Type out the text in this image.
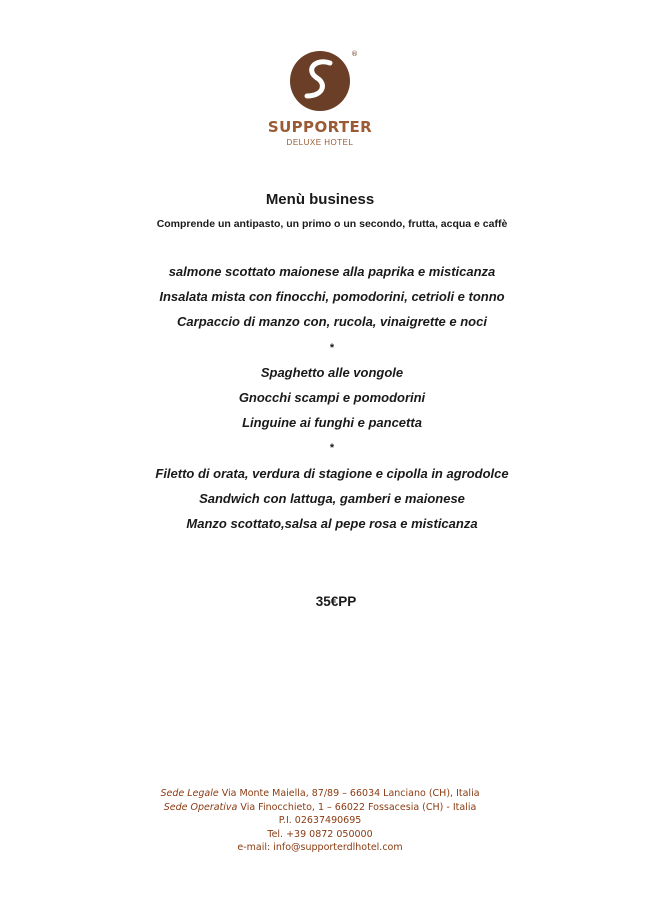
®
SUPPORTER
DELUXE HOTEL
Menù business
Comprende un antipasto, un primo o un secondo, frutta, acqua e caffè
salmone scottato maionese alla paprika e misticanza
Insalata mista con finocchi, pomodorini, cetrioli e tonno
Carpaccio di manzo con, rucola, vinaigrette e noci
*
Spaghetto alle vongole
Gnocchi scampi e pomodorini
Linguine ai funghi e pancetta
*
Filetto di orata, verdura di stagione e cipolla in agrodolce
Sandwich con lattuga, gamberi e maionese
Manzo scottato,salsa al pepe rosa e misticanza
35€PP
Sede Legale Via Monte Maiella, 87/89 – 66034 Lanciano (CH), Italia
Sede Operativa Via Finocchieto, 1 – 66022 Fossacesia (CH) - Italia
P.I. 02637490695
Tel. +39 0872 050000
e-mail: info@supporterdlhotel.com
